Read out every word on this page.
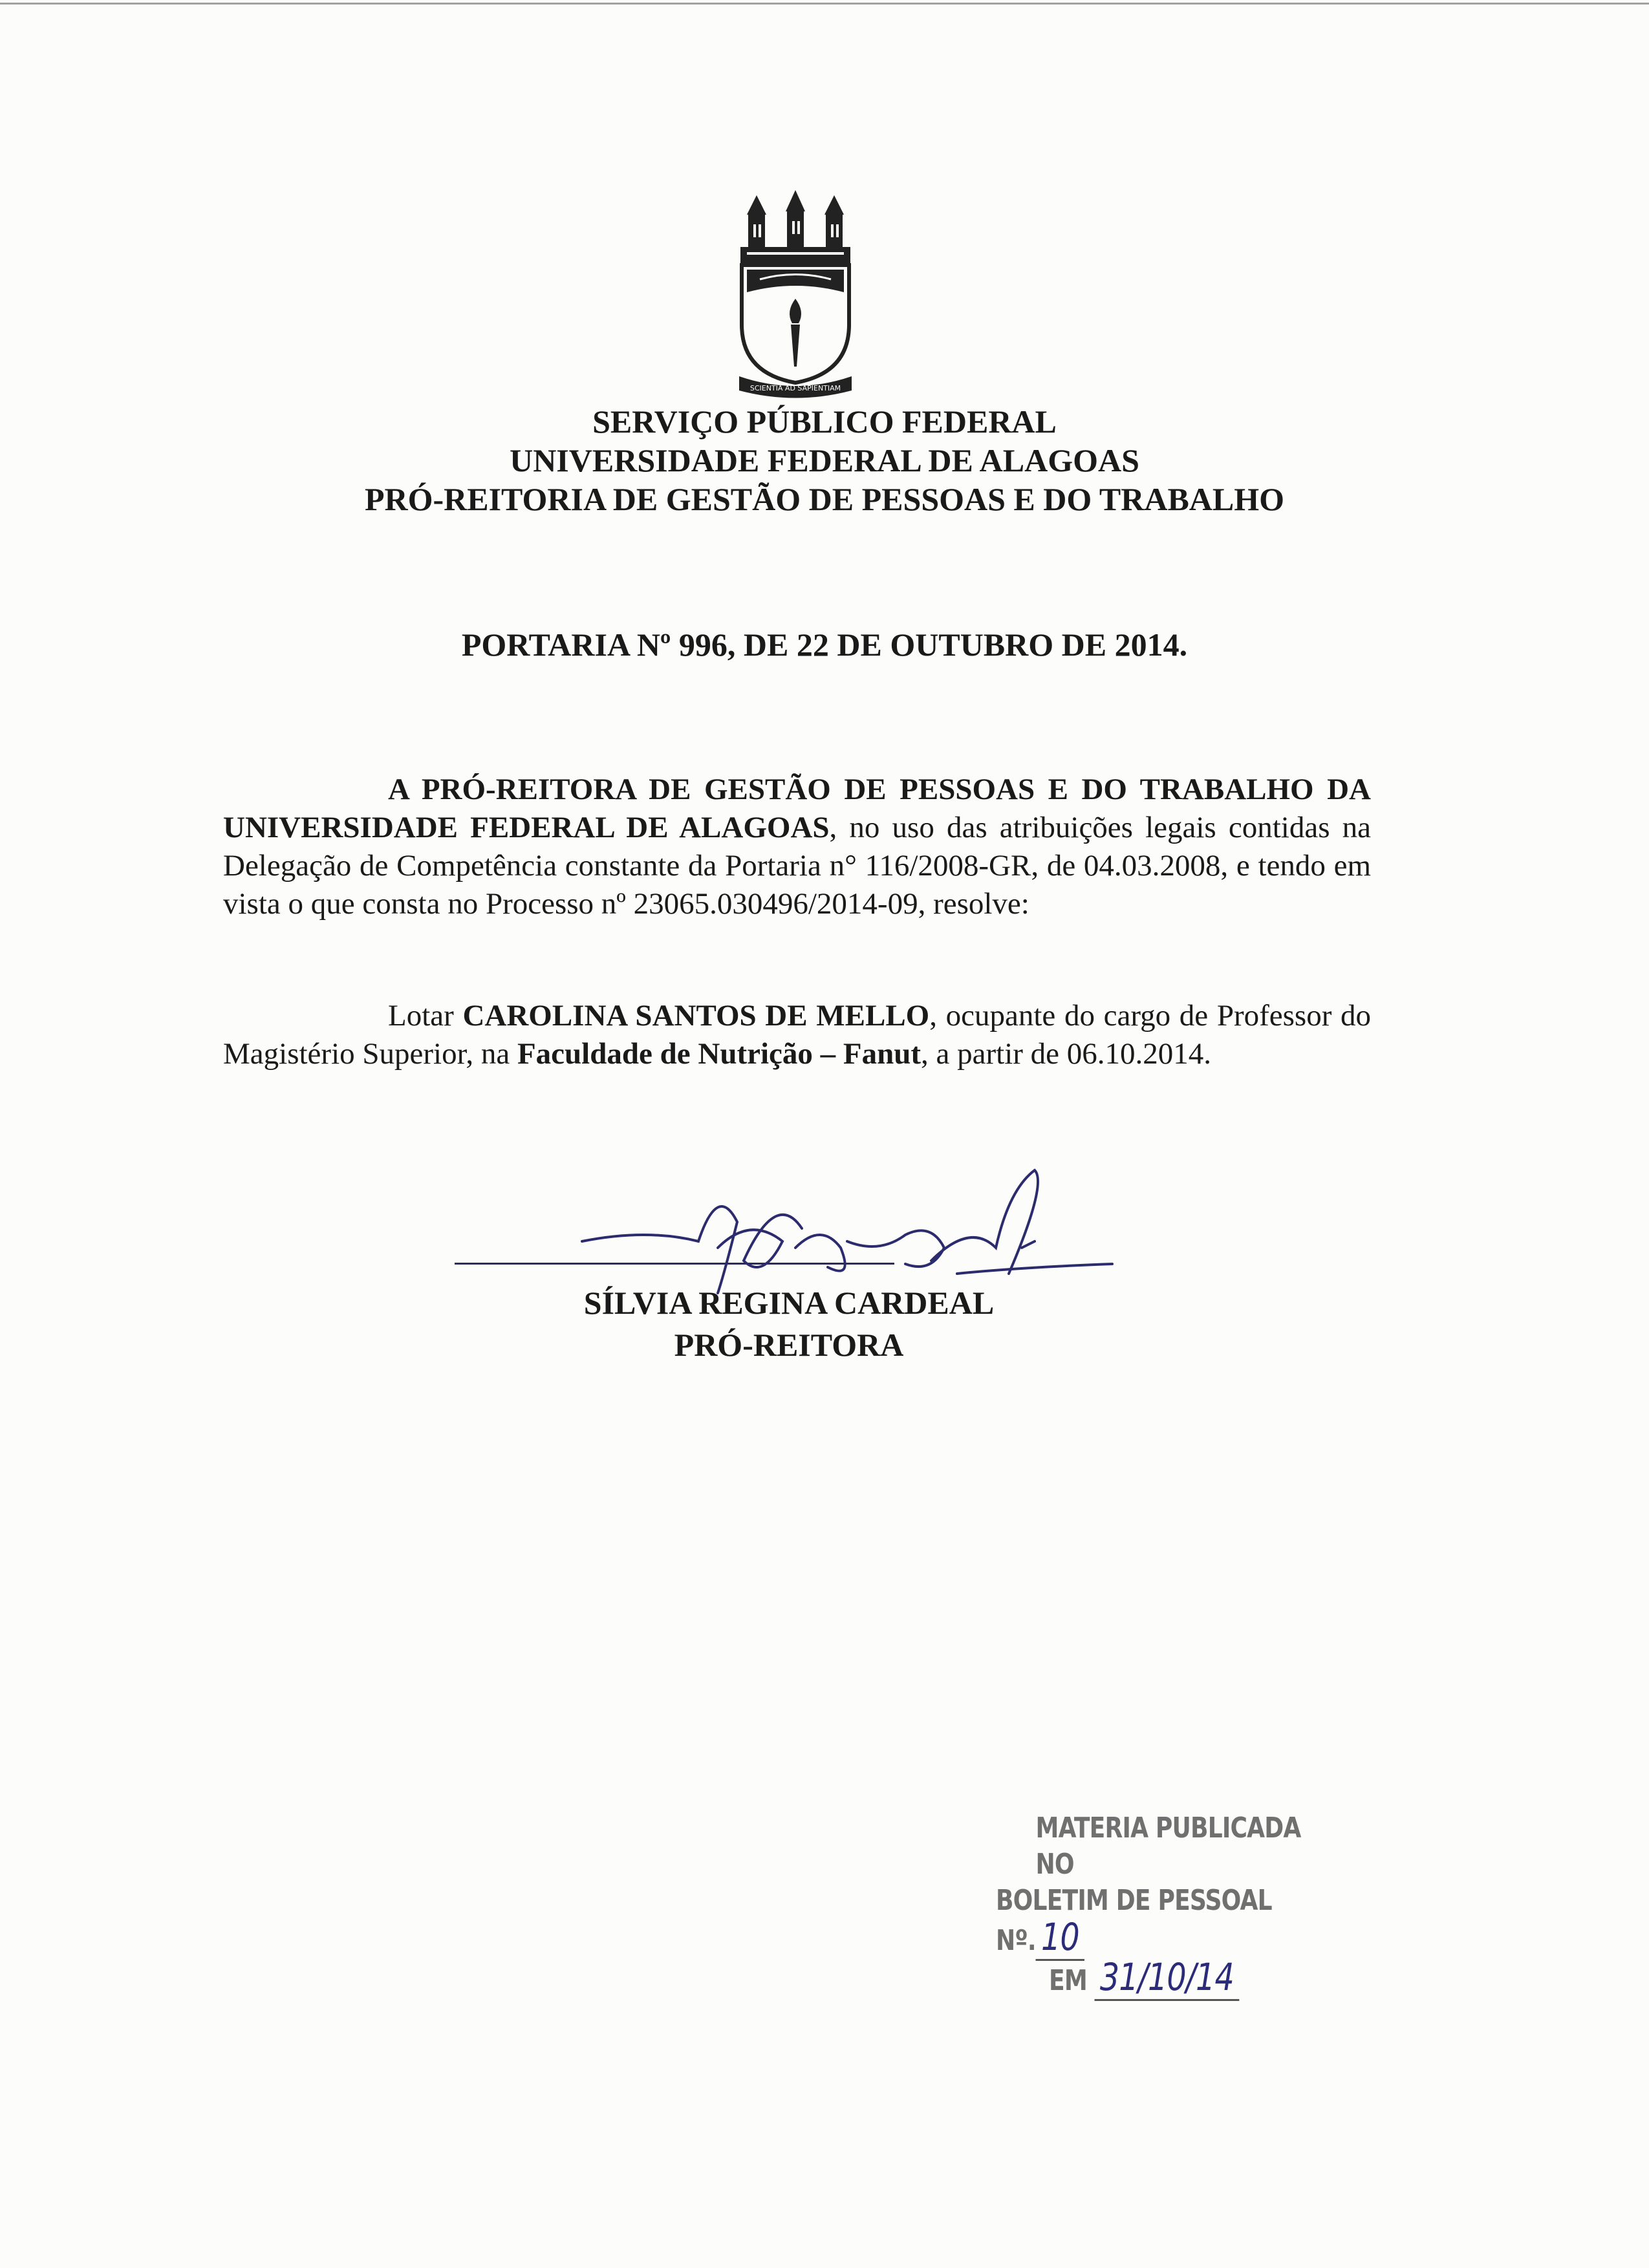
SCIENTIA AD SAPIENTIAM
SERVIÇO PÚBLICO FEDERAL
UNIVERSIDADE FEDERAL DE ALAGOAS
PRÓ-REITORIA DE GESTÃO DE PESSOAS E DO TRABALHO
PORTARIA Nº 996, DE 22 DE OUTUBRO DE 2014.
A PRÓ-REITORA DE GESTÃO DE PESSOAS E DO TRABALHO DA UNIVERSIDADE FEDERAL DE ALAGOAS, no uso das atribuições legais contidas na Delegação de Competência constante da Portaria n° 116/2008-GR, de 04.03.2008, e tendo em vista o que consta no Processo nº 23065.030496/2014-09, resolve:
Lotar CAROLINA SANTOS DE MELLO, ocupante do cargo de Professor do Magistério Superior, na Faculdade de Nutrição – Fanut, a partir de 06.10.2014.
SÍLVIA REGINA CARDEAL
PRÓ-REITORA
MATERIA PUBLICADA NO
BOLETIM DE PESSOAL Nº. 10
EM 31/10/14
